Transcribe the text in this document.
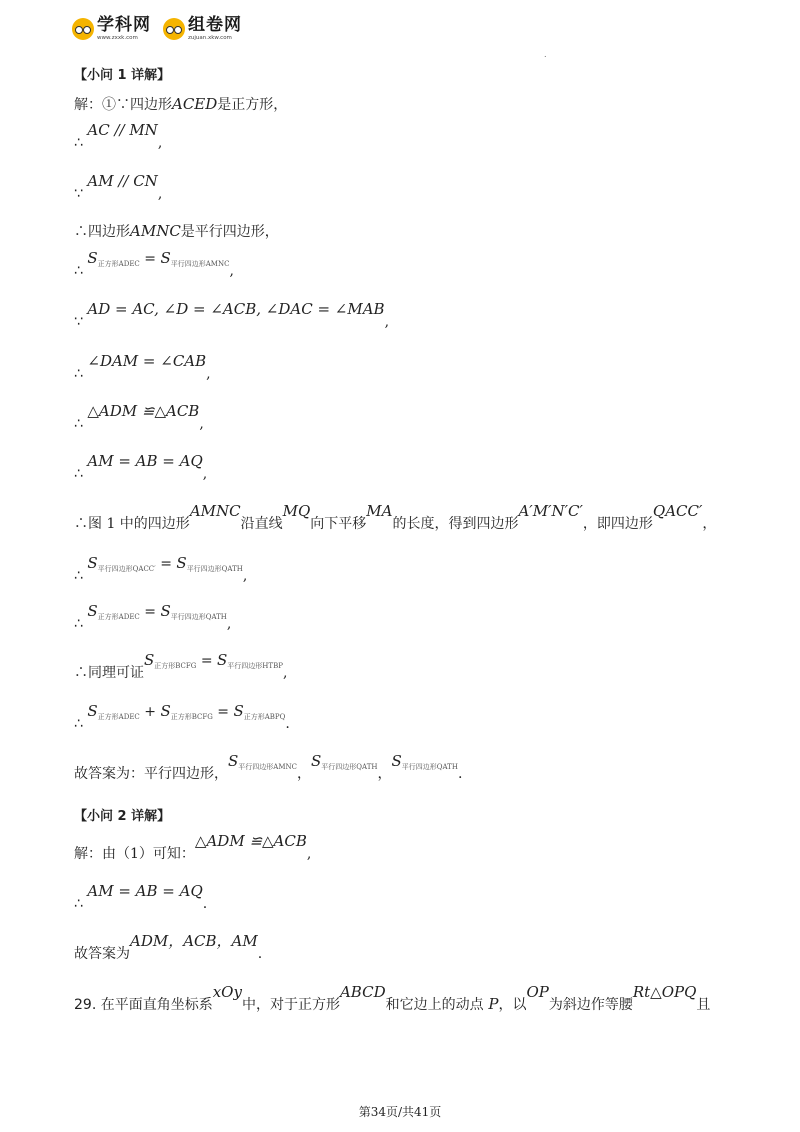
学科网
www.zxxk.com
组卷网
zujuan.xkw.com
.
【小问 1 详解】
解：①∵四边形ACED是正方形，
∴ AC // MN,
∵ AM // CN,
∴四边形AMNC是平行四边形，
∴ $S_{正方形ADEC} = S_{平行四边形AMNC}$,
∵ AD = AC, ∠D = ∠ACB, ∠DAC = ∠MAB,
∴ ∠DAM = ∠CAB,
∴ △ADM ≌△ACB,
∴ AM = AB = AQ,
∴图 1 中的四边形AMNC沿直线MQ向下平移MA的长度，得到四边形A′M′N′C′，即四边形QACC′，
∴ $S_{平行四边形QACC'} = S_{平行四边形QATH}$,
∴ $S_{正方形ADEC} = S_{平行四边形QATH}$,
∴同理可证$S_{正方形BCFG} = S_{平行四边形HTBP}$,
∴ $S_{正方形ADEC} + S_{正方形BCFG} = S_{正方形ABPQ}$.
故答案为：平行四边形，$S_{平行四边形AMNC}$，$S_{平行四边形QATH}$，$S_{平行四边形QATH}$.
【小问 2 详解】
解：由（1）可知：△ADM ≌△ACB,
∴ AM = AB = AQ.
故答案为ADM，ACB，AM.
29. 在平面直角坐标系xOy中，对于正方形ABCD和它边上的动点 P，以OP为斜边作等腰Rt△OPQ且
第34页/共41页
